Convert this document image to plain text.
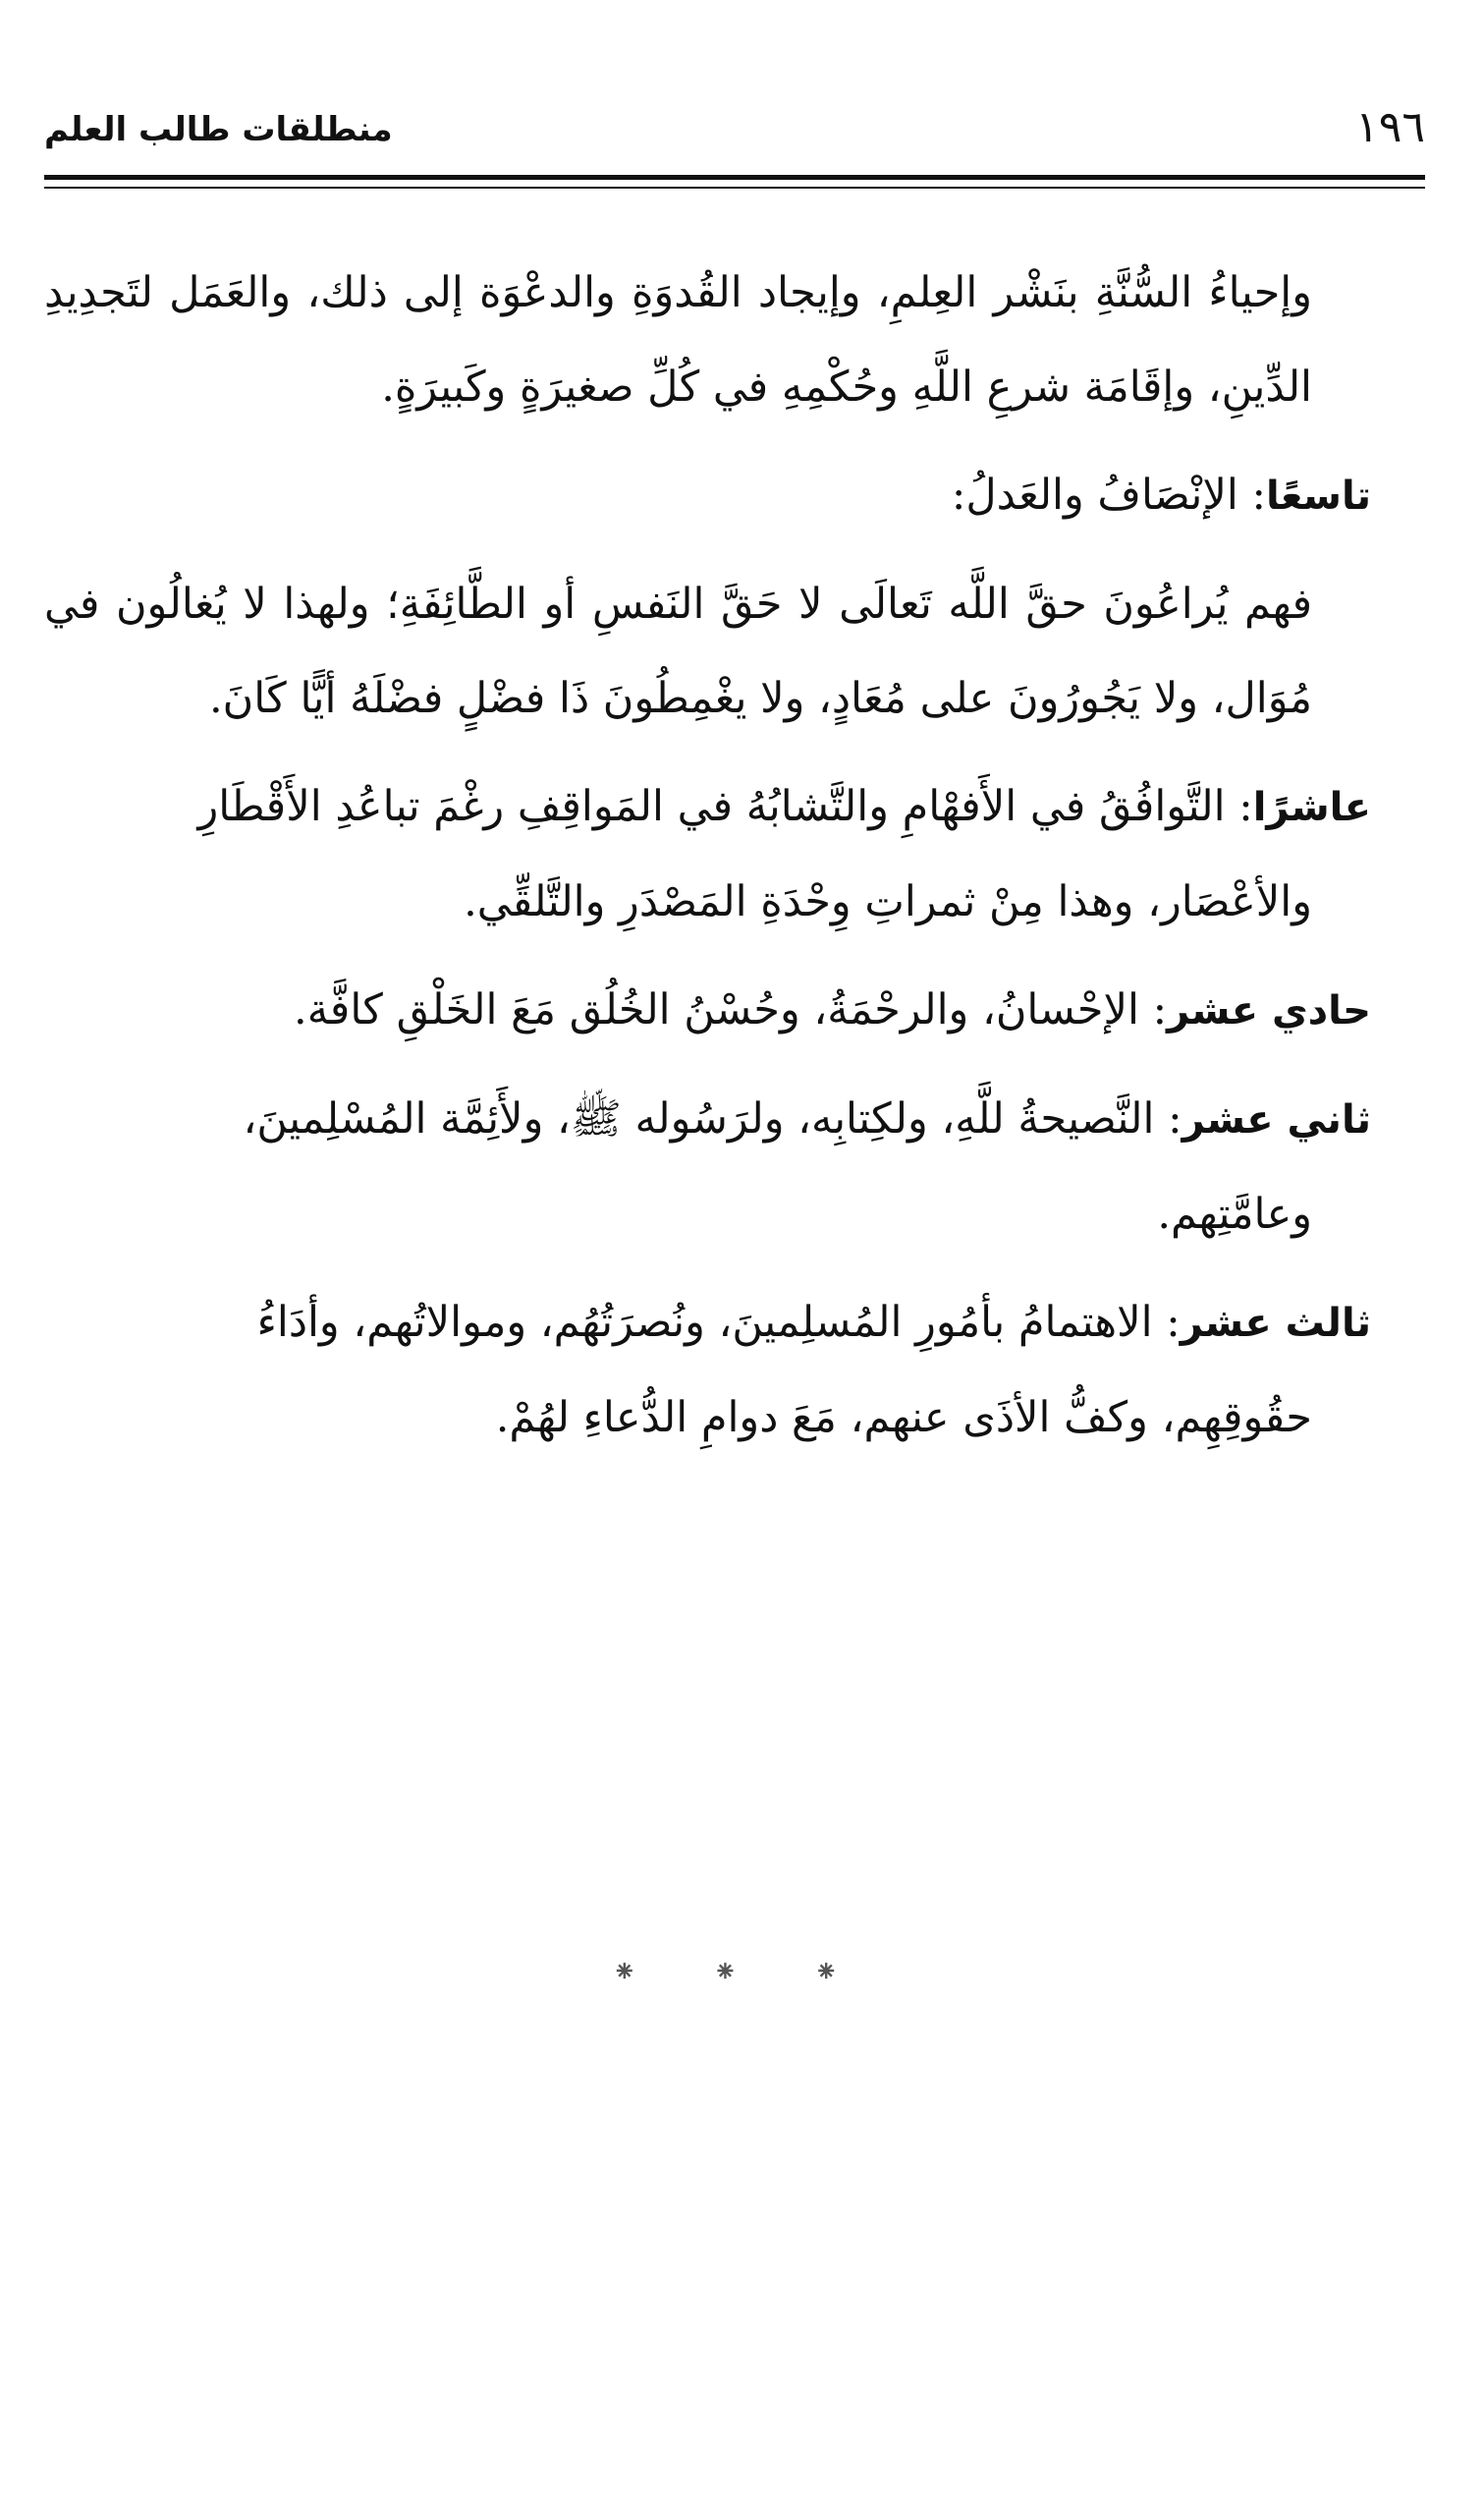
١٩٦
منطلقات طالب العلم

وإحياءُ السُّنَّةِ بنَشْر العِلمِ، وإيجاد القُدوَةِ والدعْوَة إلى ذلك، والعَمَل لتَجدِيدِ الدِّينِ، وإقَامَة شرعِ اللَّهِ وحُكْمِهِ في كُلِّ صغيرَةٍ وكَبيرَةٍ.

تاسعًا: الإنْصَافُ والعَدلُ:

فهم يُراعُونَ حقَّ اللَّه تَعالَى لا حَقَّ النَفسِ أو الطَّائِفَةِ؛ ولهذا لا يُغالُون في مُوَال، ولا يَجُورُونَ على مُعَادٍ، ولا يغْمِطُونَ ذَا فضْلٍ فضْلَهُ أيًّا كَانَ.

عاشرًا: التَّوافُقُ في الأَفهْامِ والتَّشابُهُ في المَواقِفِ رغْمَ تباعُدِ الأَقْطَارِ
والأعْصَار، وهذا مِنْ ثمراتِ وِحْدَةِ المَصْدَرِ والتَّلقِّي.

حادي عشر: الإحْسانُ، والرحْمَةُ، وحُسْنُ الخُلُق مَعَ الخَلْقِ كافَّة.

ثاني عشر: النَّصيحةُ للَّهِ، ولكِتابِه، ولرَسُوله ﷺ، ولأَئِمَّة المُسْلِمينَ،
وعامَّتِهم.

ثالث عشر: الاهتمامُ بأمُورِ المُسلِمينَ، ونُصرَتُهُم، وموالاتُهم، وأدَاءُ
حقُوقِهِم، وكفُّ الأذَى عنهم، مَعَ دوامِ الدُّعاءِ لهُمْ.

⁕ ⁕ ⁕
